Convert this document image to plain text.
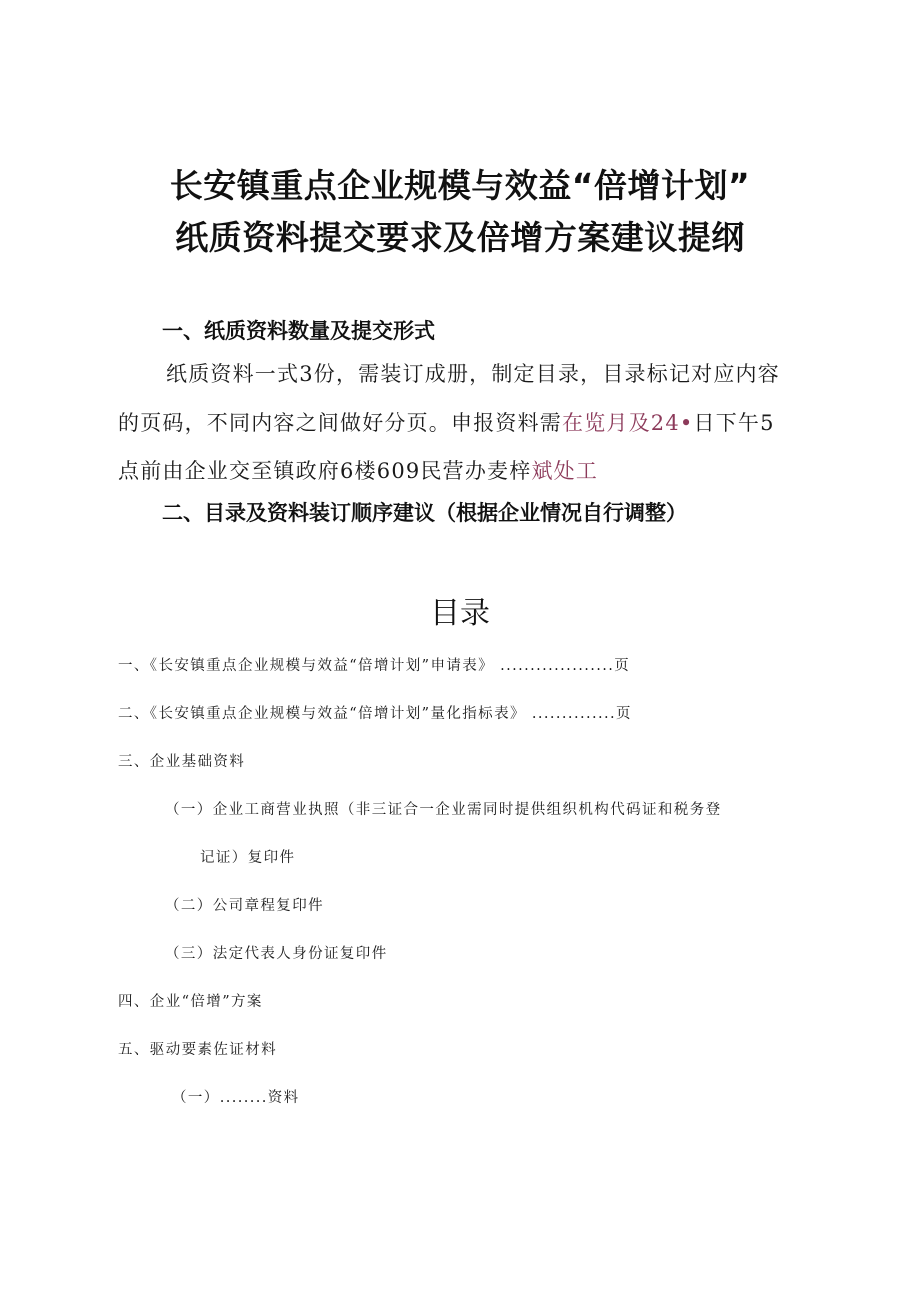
长安镇重点企业规模与效益“倍增计划”
纸质资料提交要求及倍增方案建议提纲
一、纸质资料数量及提交形式
纸质资料一式3份，需装订成册，制定目录，目录标记对应内容
的页码，不同内容之间做好分页。申报资料需在览月及24•日下午5
点前由企业交至镇政府6楼609民营办麦梓斌处工
二、目录及资料装订顺序建议（根据企业情况自行调整）
目录
一、《长安镇重点企业规模与效益“倍增计划”申请表》 ...................页
二、《长安镇重点企业规模与效益“倍增计划”量化指标表》 ..............页
三、企业基础资料
（一）企业工商营业执照（非三证合一企业需同时提供组织机构代码证和税务登
记证）复印件
（二）公司章程复印件
（三）法定代表人身份证复印件
四、企业“倍增”方案
五、驱动要素佐证材料
（一）........资料
